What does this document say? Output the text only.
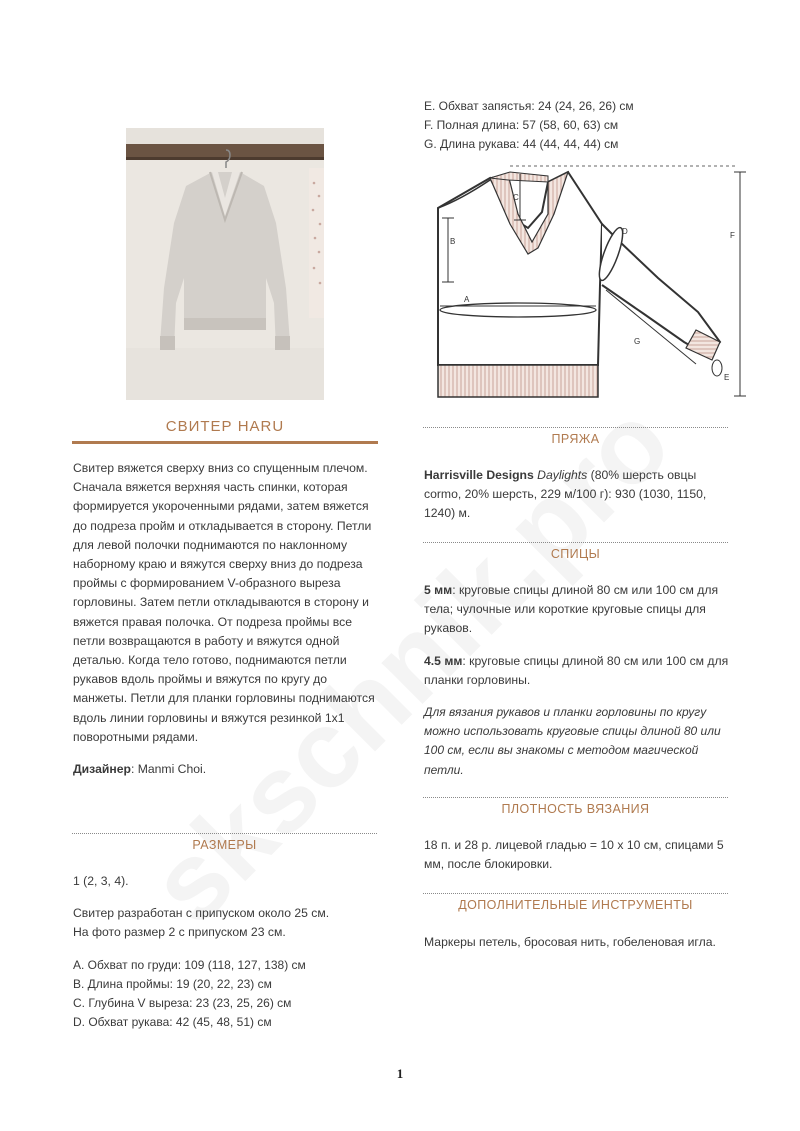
СВИТЕР HARU

Свитер вяжется сверху вниз со спущенным плечом. Сначала вяжется верхняя часть спинки, которая формируется укороченными рядами, затем вяжется до подреза пройм и откладывается в сторону. Петли для левой полочки поднимаются по наклонному наборному краю и вяжутся сверху вниз до подреза проймы с формированием V-образного выреза горловины. Затем петли откладываются в сторону и вяжется правая полочка. От подреза проймы все петли возвращаются в работу и вяжутся одной деталью. Когда тело готово, поднимаются петли рукавов вдоль проймы и вяжутся по кругу до манжеты. Петли для планки горловины поднимаются вдоль линии горловины и вяжутся резинкой 1х1 поворотными рядами.

Дизайнер: Manmi Choi.

РАЗМЕРЫ

1 (2, 3, 4).

Свитер разработан с припуском около 25 см.
На фото размер 2 с припуском 23 см.

A. Обхват по груди: 109 (118, 127, 138) см
B. Длина проймы: 19 (20, 22, 23) см
C. Глубина V выреза: 23 (23, 25, 26) см
D. Обхват рукава: 42 (45, 48, 51) см

E. Обхват запястья: 24 (24, 26, 26) см
F. Полная длина: 57 (58, 60, 63) см
G. Длина рукава: 44 (44, 44, 44) см
A
B
C
D
E
F
G
ПРЯЖА
Harrisville Designs Daylights (80% шерсть овцы cormo, 20% шерсть, 229 м/100 г): 930 (1030, 1150, 1240) м.
СПИЦЫ

5 мм: круговые спицы длиной 80 см или 100 см для тела; чулочные или короткие круговые спицы для рукавов.

4.5 мм: круговые спицы длиной 80 см или 100 см для планки горловины.

Для вязания рукавов и планки горловины по кругу можно использовать круговые спицы длиной 80 или 100 см, если вы знакомы с методом магической петли.

ПЛОТНОСТЬ ВЯЗАНИЯ
18 п. и 28 р. лицевой гладью = 10 х 10 см, спицами 5 мм, после блокировки.
ДОПОЛНИТЕЛЬНЫЕ ИНСТРУМЕНТЫ
Маркеры петель, бросовая нить, гобеленовая игла.
1
